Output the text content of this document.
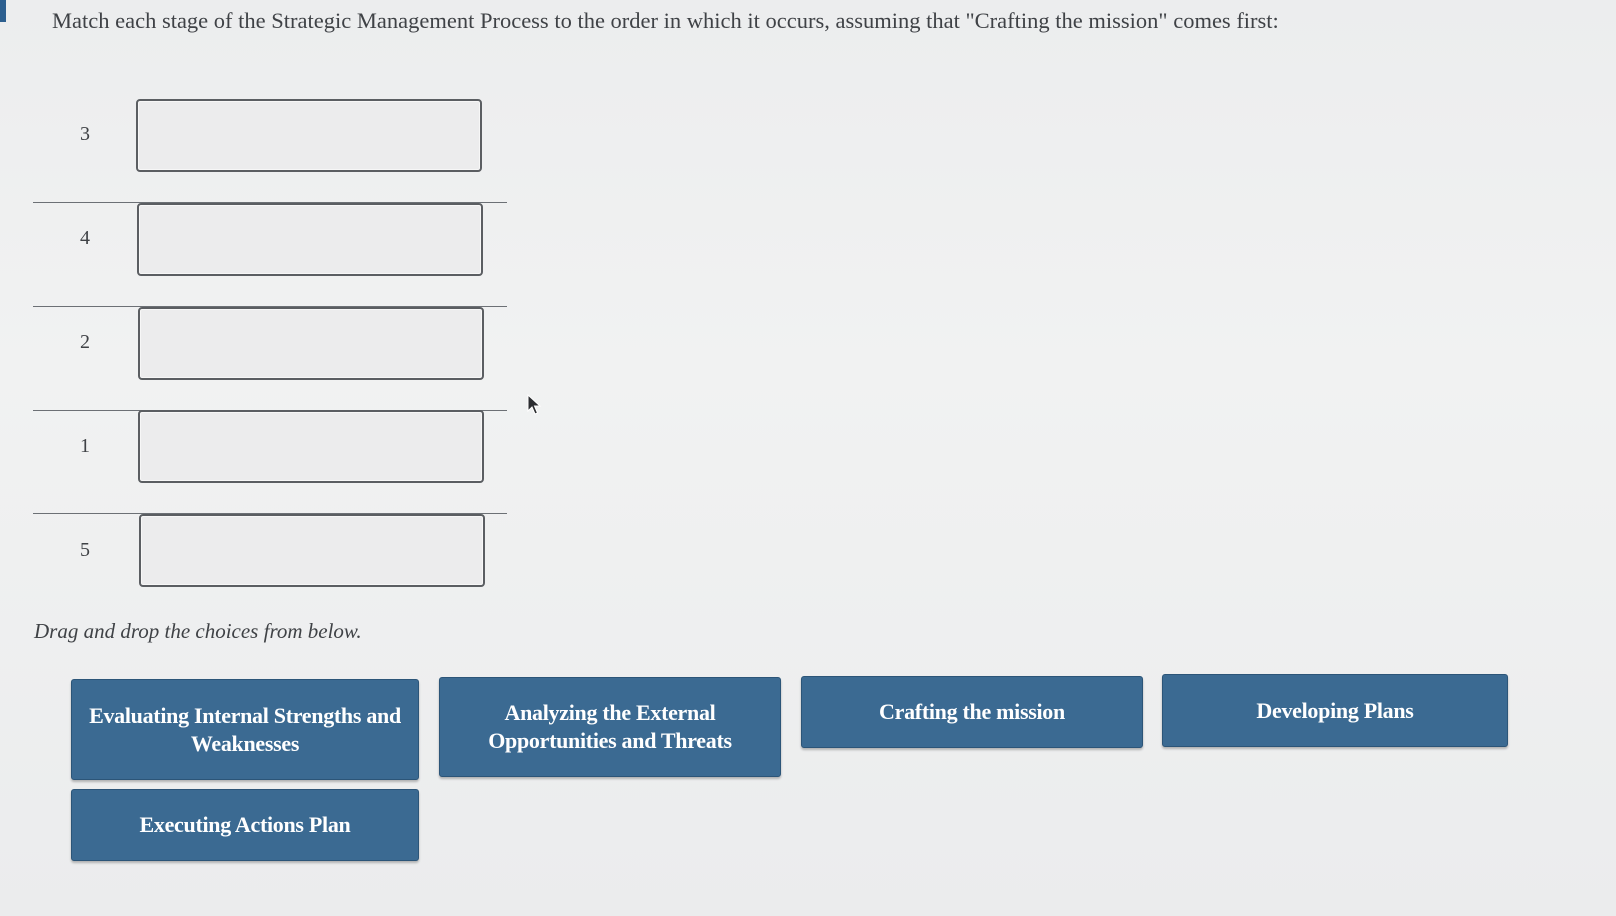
Match each stage of the Strategic Management Process to the order in which it occurs, assuming that "Crafting the mission" comes first:
3
4
2
1
5
Drag and drop the choices from below.
Evaluating Internal Strengths and Weaknesses
Analyzing the External Opportunities and Threats
Crafting the mission	Developing Plans
Executing Actions Plan
